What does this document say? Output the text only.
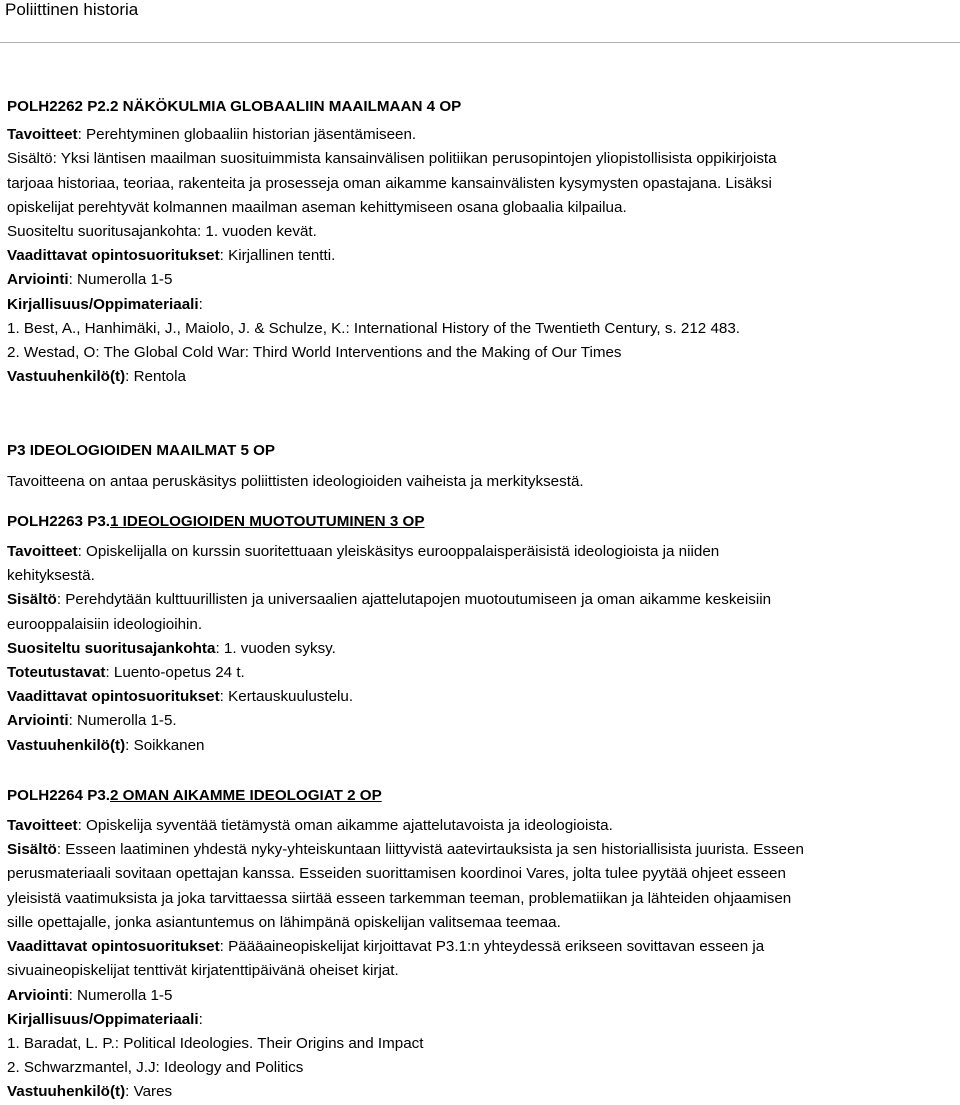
Poliittinen historia
POLH2262 P2.2 NÄKÖKULMIA GLOBAALIIN MAAILMAAN 4 OP
Tavoitteet: Perehtyminen globaaliin historian jäsentämiseen.
Sisältö: Yksi läntisen maailman suosituimmista kansainvälisen politiikan perusopintojen yliopistollisista oppikirjoista
tarjoaa historiaa, teoriaa, rakenteita ja prosesseja oman aikamme kansainvälisten kysymysten opastajana. Lisäksi
opiskelijat perehtyvät kolmannen maailman aseman kehittymiseen osana globaalia kilpailua.
Suositeltu suoritusajankohta: 1. vuoden kevät.
Vaadittavat opintosuoritukset: Kirjallinen tentti.
Arviointi: Numerolla 1-5
Kirjallisuus/Oppimateriaali:
1. Best, A., Hanhimäki, J., Maiolo, J. & Schulze, K.: International History of the Twentieth Century, s. 212 483.
2. Westad, O: The Global Cold War: Third World Interventions and the Making of Our Times
Vastuuhenkilö(t): Rentola
P3 IDEOLOGIOIDEN MAAILMAT 5 OP
Tavoitteena on antaa peruskäsitys poliittisten ideologioiden vaiheista ja merkityksestä.
POLH2263 P3.1 IDEOLOGIOIDEN MUOTOUTUMINEN 3 OP
Tavoitteet: Opiskelijalla on kurssin suoritettuaan yleiskäsitys eurooppalaisperäisistä ideologioista ja niiden
kehityksestä.
Sisältö: Perehdytään kulttuurillisten ja universaalien ajattelutapojen muotoutumiseen ja oman aikamme keskeisiin
eurooppalaisiin ideologioihin.
Suositeltu suoritusajankohta: 1. vuoden syksy.
Toteutustavat: Luento-opetus 24 t.
Vaadittavat opintosuoritukset: Kertauskuulustelu.
Arviointi: Numerolla 1-5.
Vastuuhenkilö(t): Soikkanen
POLH2264 P3.2 OMAN AIKAMME IDEOLOGIAT 2 OP
Tavoitteet: Opiskelija syventää tietämystä oman aikamme ajattelutavoista ja ideologioista.
Sisältö: Esseen laatiminen yhdestä nyky-yhteiskuntaan liittyvistä aatevirtauksista ja sen historiallisista juurista. Esseen
perusmateriaali sovitaan opettajan kanssa. Esseiden suorittamisen koordinoi Vares, jolta tulee pyytää ohjeet esseen
yleisistä vaatimuksista ja joka tarvittaessa siirtää esseen tarkemman teeman, problematiikan ja lähteiden ohjaamisen
sille opettajalle, jonka asiantuntemus on lähimpänä opiskelijan valitsemaa teemaa.
Vaadittavat opintosuoritukset: Päääaineopiskelijat kirjoittavat P3.1:n yhteydessä erikseen sovittavan esseen ja
sivuaineopiskelijat tenttivät kirjatenttipäivänä oheiset kirjat.
Arviointi: Numerolla 1-5
Kirjallisuus/Oppimateriaali:
1. Baradat, L. P.: Political Ideologies. Their Origins and Impact
2. Schwarzmantel, J.J: Ideology and Politics
Vastuuhenkilö(t): Vares
